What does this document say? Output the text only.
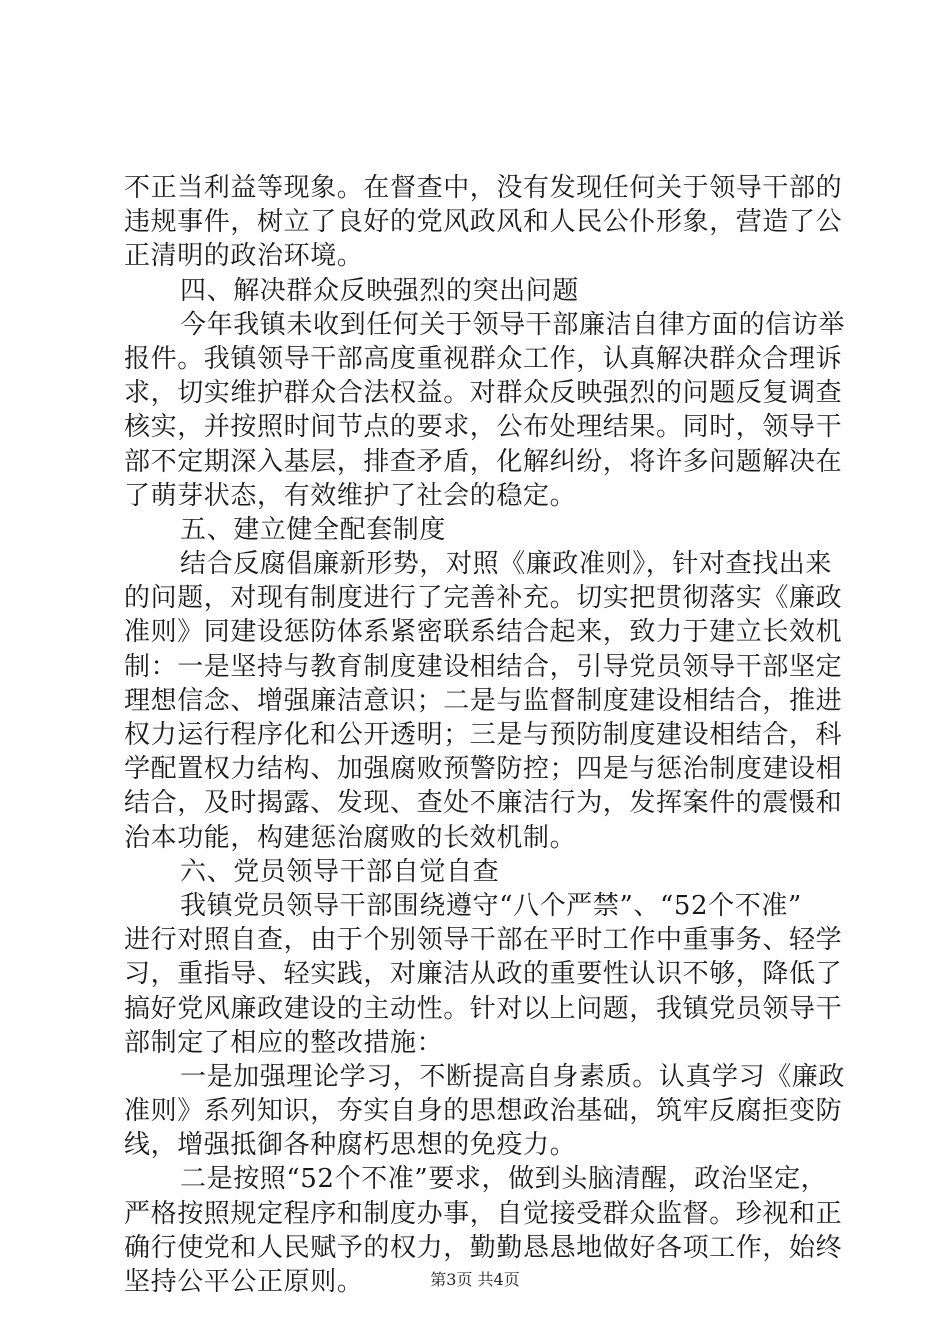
不正当利益等现象。在督查中，没有发现任何关于领导干部的
违规事件，树立了良好的党风政风和人民公仆形象，营造了公
正清明的政治环境。
四、解决群众反映强烈的突出问题
今年我镇未收到任何关于领导干部廉洁自律方面的信访举
报件。我镇领导干部高度重视群众工作，认真解决群众合理诉
求，切实维护群众合法权益。对群众反映强烈的问题反复调查
核实，并按照时间节点的要求，公布处理结果。同时，领导干
部不定期深入基层，排查矛盾，化解纠纷，将许多问题解决在
了萌芽状态，有效维护了社会的稳定。
五、建立健全配套制度
结合反腐倡廉新形势，对照《廉政准则》，针对查找出来
的问题，对现有制度进行了完善补充。切实把贯彻落实《廉政
准则》同建设惩防体系紧密联系结合起来，致力于建立长效机
制：一是坚持与教育制度建设相结合，引导党员领导干部坚定
理想信念、增强廉洁意识；二是与监督制度建设相结合，推进
权力运行程序化和公开透明；三是与预防制度建设相结合，科
学配置权力结构、加强腐败预警防控；四是与惩治制度建设相
结合，及时揭露、发现、查处不廉洁行为，发挥案件的震慑和
治本功能，构建惩治腐败的长效机制。
六、党员领导干部自觉自查
我镇党员领导干部围绕遵守“八个严禁”、“52个不准”
进行对照自查，由于个别领导干部在平时工作中重事务、轻学
习，重指导、轻实践，对廉洁从政的重要性认识不够，降低了
搞好党风廉政建设的主动性。针对以上问题，我镇党员领导干
部制定了相应的整改措施：
一是加强理论学习，不断提高自身素质。认真学习《廉政
准则》系列知识，夯实自身的思想政治基础，筑牢反腐拒变防
线，增强抵御各种腐朽思想的免疫力。
二是按照“52个不准”要求，做到头脑清醒，政治坚定，
严格按照规定程序和制度办事，自觉接受群众监督。珍视和正
确行使党和人民赋予的权力，勤勤恳恳地做好各项工作，始终
坚持公平公正原则。	第3页 共4页
